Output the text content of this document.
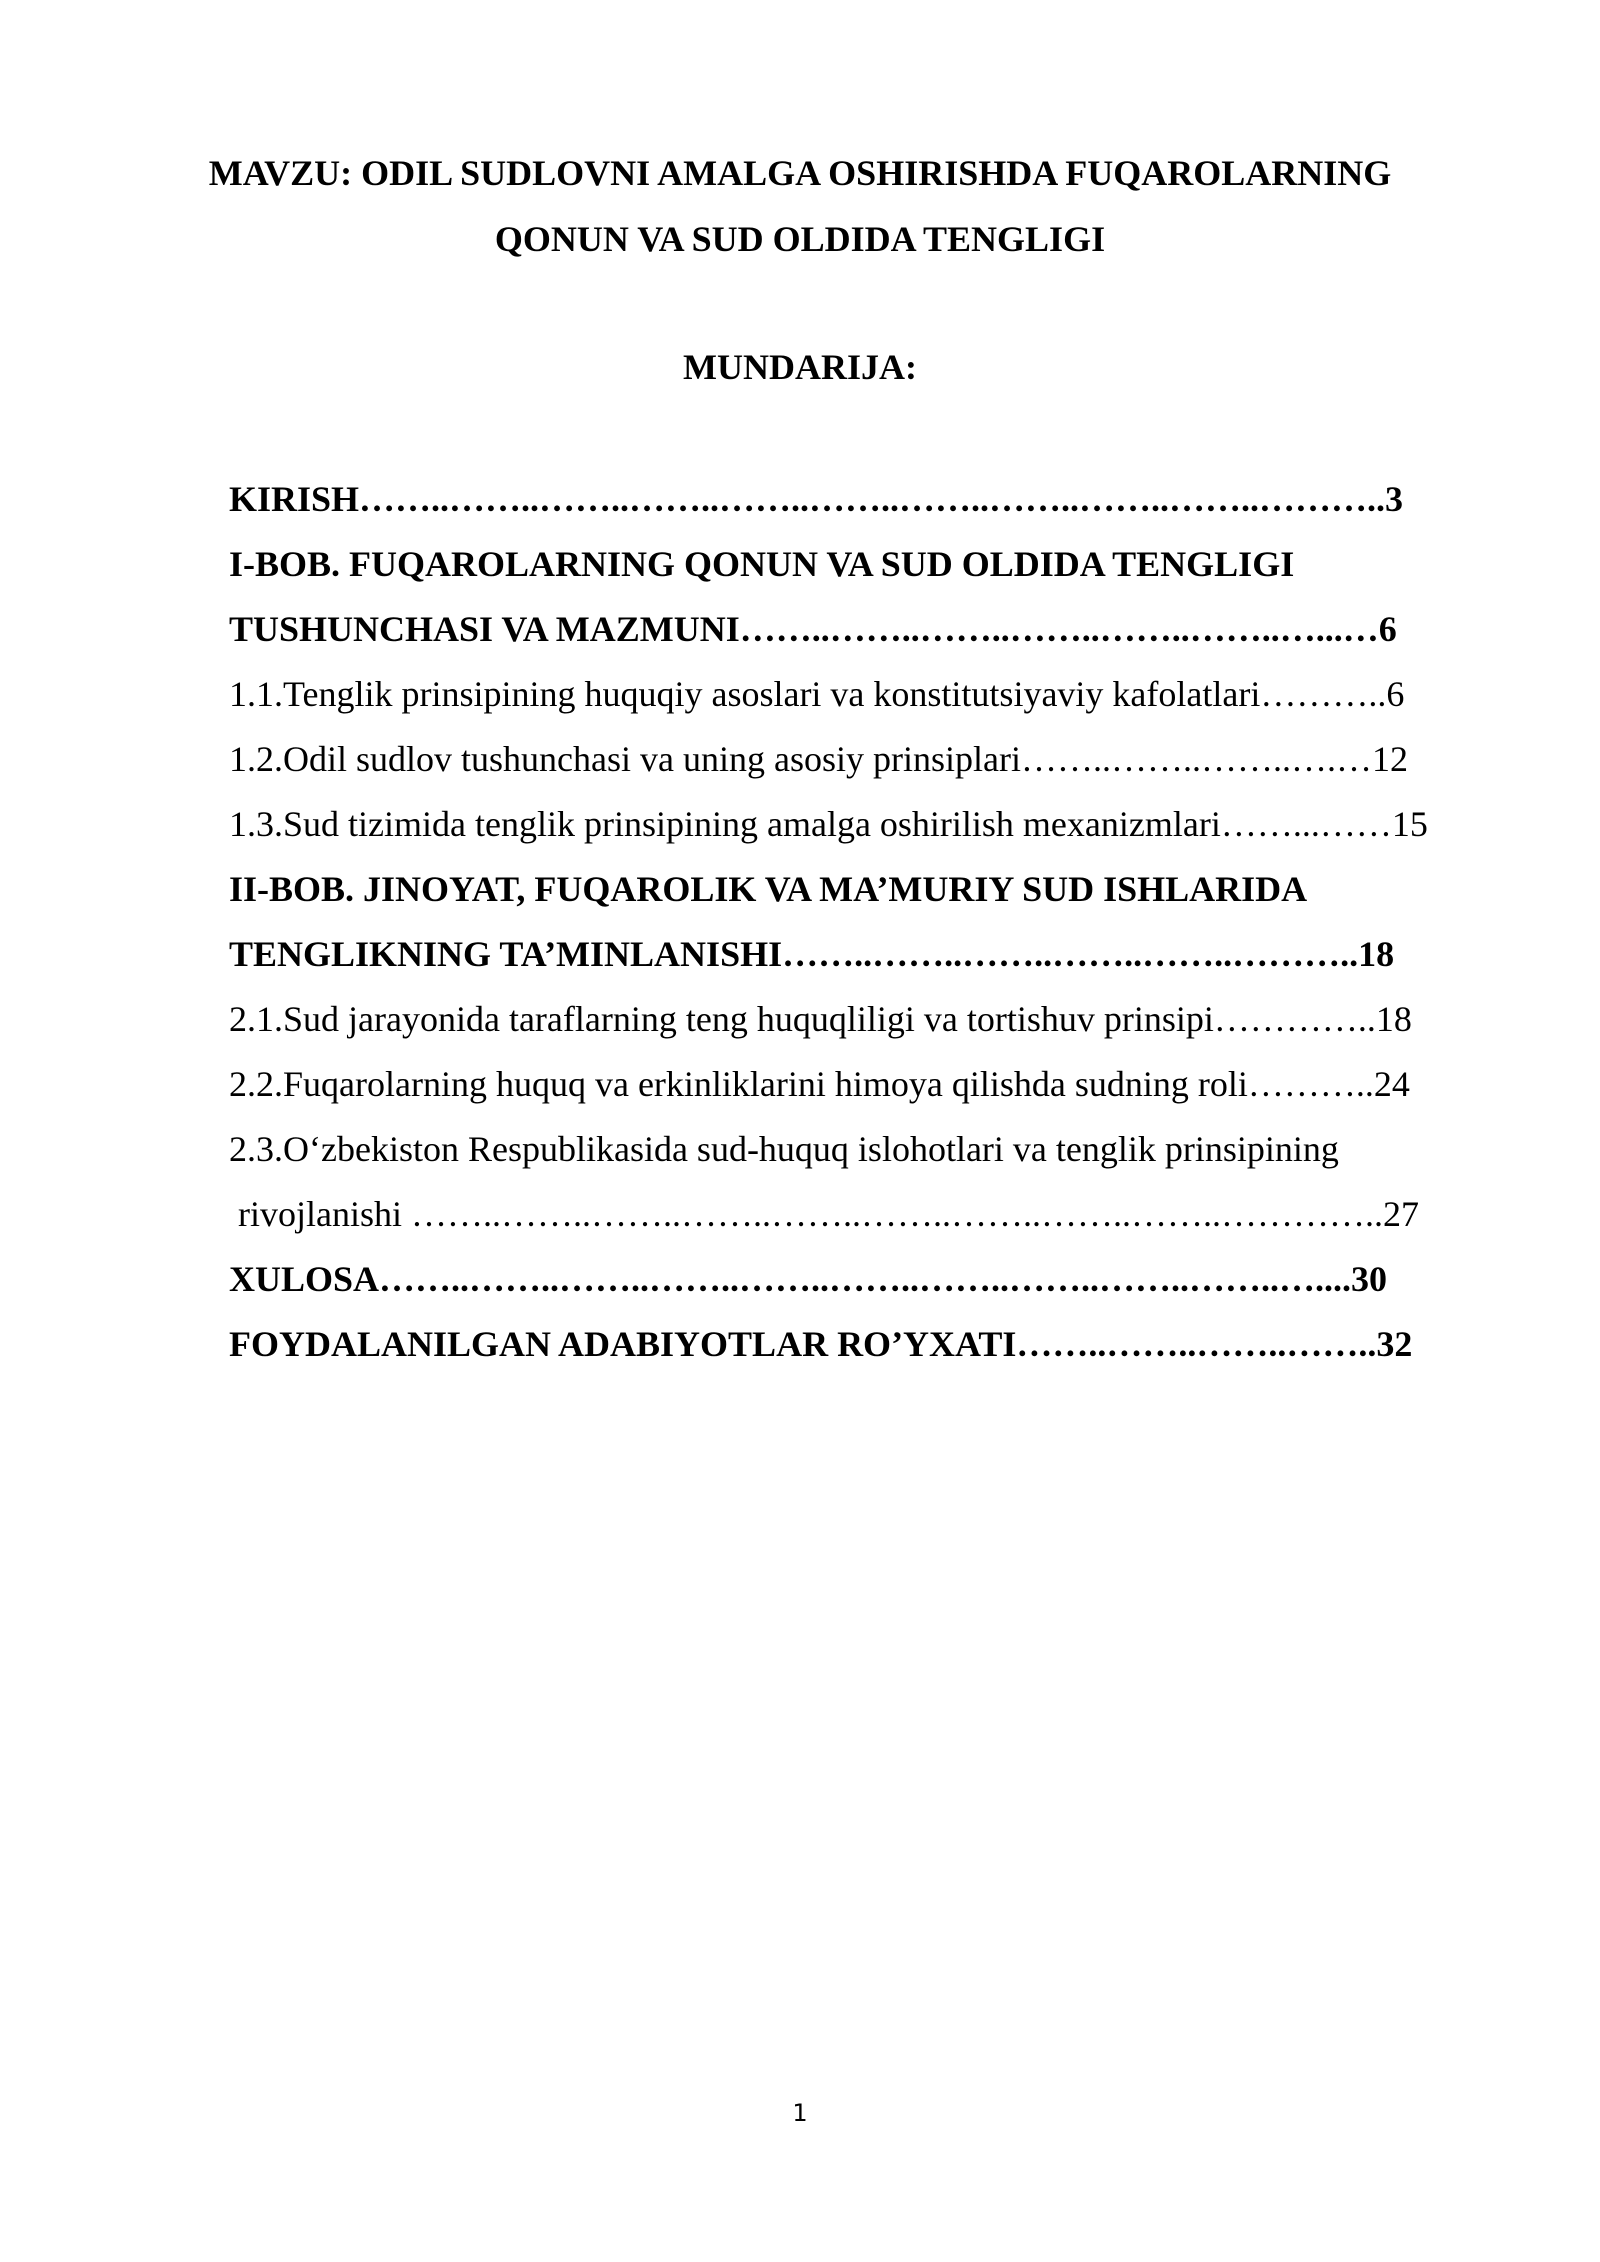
MAVZU: ODIL SUDLOVNI AMALGA OSHIRISHDA FUQAROLARNING
QONUN VA SUD OLDIDA TENGLIGI
MUNDARIJA:
KIRISH……..……..……..……..……..……..……..……..……..……..………..3
I-BOB. FUQAROLARNING QONUN VA SUD OLDIDA TENGLIGI
TUSHUNCHASI VA MAZMUNI……..……..……..……..……..……..…...…6
1.1.Tenglik prinsipining huquqiy asoslari va konstitutsiyaviy kafolatlari………..6
1.2.Odil sudlov tushunchasi va uning asosiy prinsiplari……..……..……..….…12
1.3.Sud tizimida tenglik prinsipining amalga oshirilish mexanizmlari……...……15
II-BOB. JINOYAT, FUQAROLIK VA MA’MURIY SUD ISHLARIDA
TENGLIKNING TA’MINLANISHI……..……..……..……..……..………..18
2.1.Sud jarayonida taraflarning teng huquqliligi va tortishuv prinsipi…………..18
2.2.Fuqarolarning huquq va erkinliklarini himoya qilishda sudning roli………..24
2.3.O‘zbekiston Respublikasida sud-huquq islohotlari va tenglik prinsipining
rivojlanishi ……..……..……..……..……..……..……..……..……..…………..27
XULOSA……..……..……..……..……..……..……..……..……..……..…....30
FOYDALANILGAN ADABIYOTLAR RO’YXATI……..……..……..……..32
1
